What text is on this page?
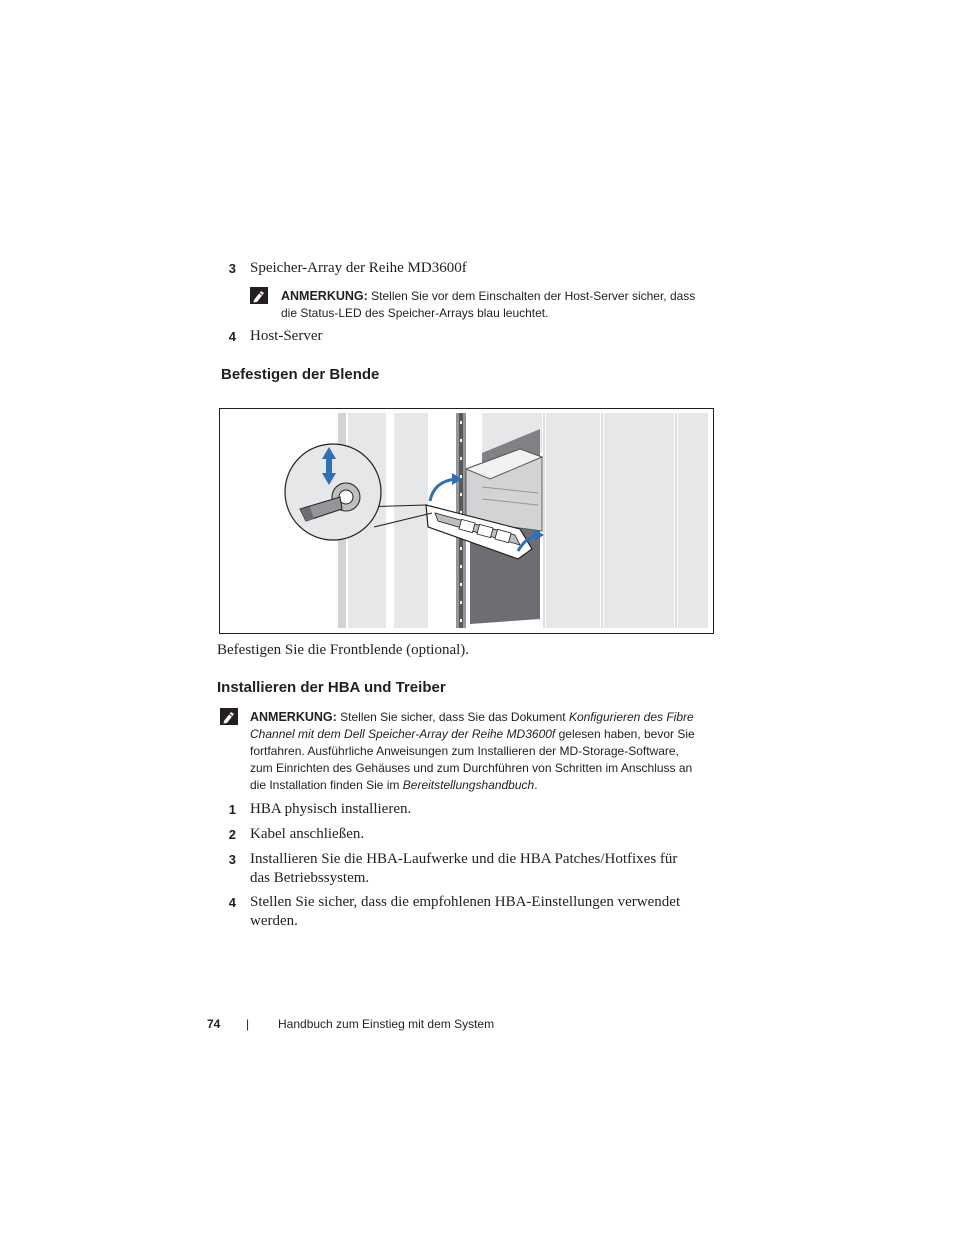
3 Speicher-Array der Reihe MD3600f
ANMERKUNG: Stellen Sie vor dem Einschalten der Host-Server sicher, dass
die Status-LED des Speicher-Arrays blau leuchtet.
4 Host-Server
Befestigen der Blende
Befestigen Sie die Frontblende (optional).
Installieren der HBA und Treiber
ANMERKUNG: Stellen Sie sicher, dass Sie das Dokument Konfigurieren des Fibre
Channel mit dem Dell Speicher-Array der Reihe MD3600f gelesen haben, bevor Sie
fortfahren. Ausführliche Anweisungen zum Installieren der MD-Storage-Software,
zum Einrichten des Gehäuses und zum Durchführen von Schritten im Anschluss an
die Installation finden Sie im Bereitstellungshandbuch.
1 HBA physisch installieren.
2 Kabel anschließen.
3 Installieren Sie die HBA-Laufwerke und die HBA Patches/Hotfixes für
das Betriebssystem.
4 Stellen Sie sicher, dass die empfohlenen HBA-Einstellungen verwendet
werden.
74 | Handbuch zum Einstieg mit dem System
